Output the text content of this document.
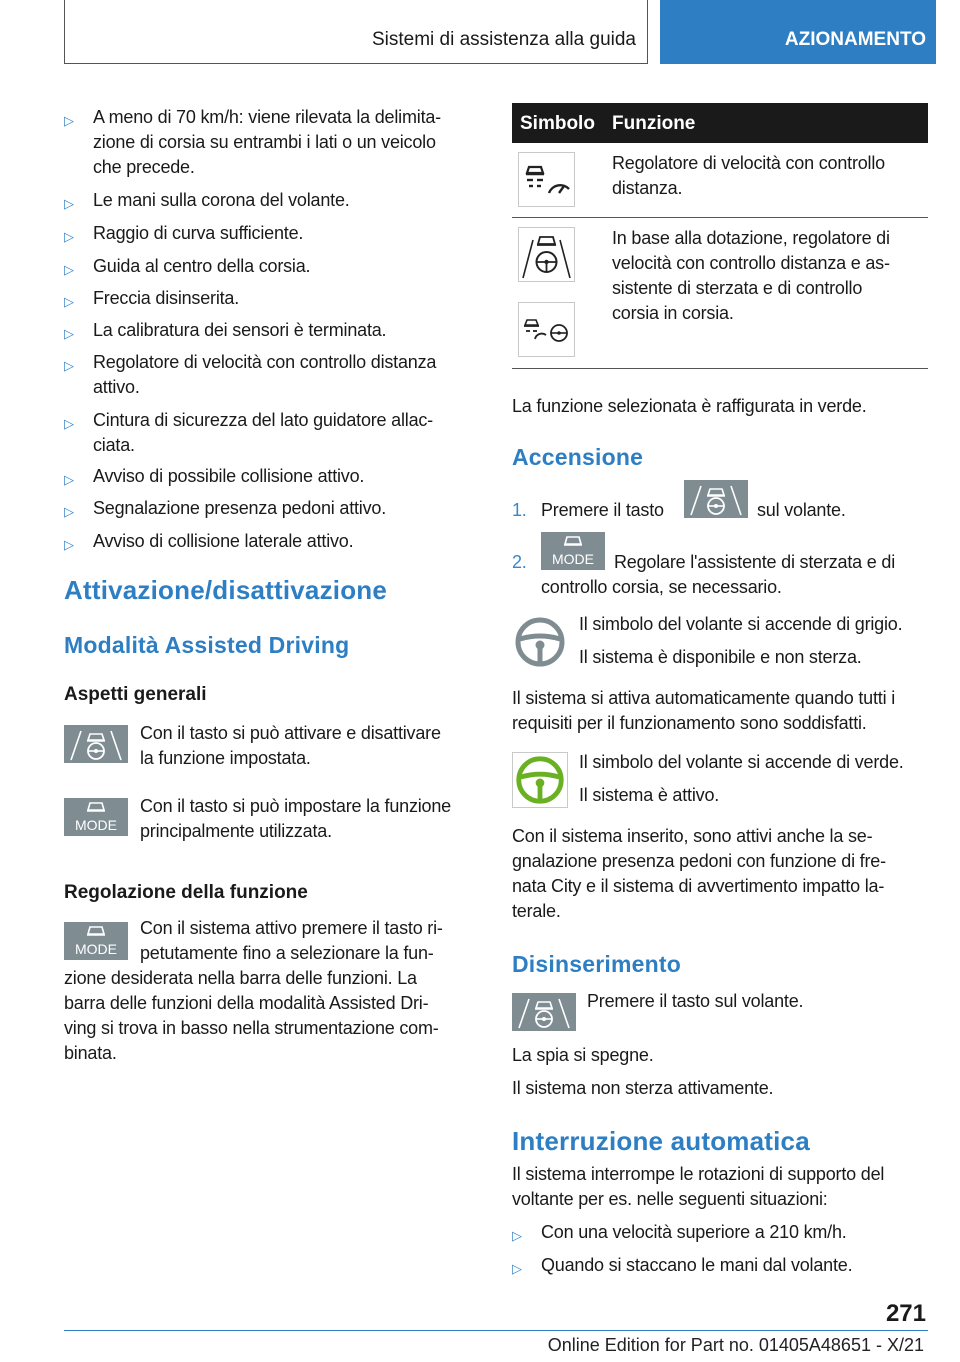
Sistemi di assistenza alla guida	AZIONAMENTO
▷ A meno di 70 km/h: viene rilevata la delimita-
zione di corsia su entrambi i lati o un veicolo
che precede.
▷ Le mani sulla corona del volante.
▷ Raggio di curva sufficiente.
▷ Guida al centro della corsia.
▷ Freccia disinserita.
▷ La calibratura dei sensori è terminata.
▷ Regolatore di velocità con controllo distanza
attivo.
▷ Cintura di sicurezza del lato guidatore allac-
ciata.
▷ Avviso di possibile collisione attivo.
▷ Segnalazione presenza pedoni attivo.
▷ Avviso di collisione laterale attivo.
Attivazione/disattivazione
Modalità Assisted Driving
Aspetti generali
Con il tasto si può attivare e disattivare
la funzione impostata.
MODE
Con il tasto si può impostare la funzione
principalmente utilizzata.
Regolazione della funzione
MODE
Con il sistema attivo premere il tasto ri-
petutamente fino a selezionare la fun-
zione desiderata nella barra delle funzioni. La
barra delle funzioni della modalità Assisted Dri-
ving si trova in basso nella strumentazione com-
binata.
Simbolo Funzione
Regolatore di velocità con controllo
distanza.
In base alla dotazione, regolatore di
velocità con controllo distanza e as-
sistente di sterzata e di controllo
corsia in corsia.
La funzione selezionata è raffigurata in verde.
Accensione
1. Premere il tasto	sul volante.
2. MODE Regolare l'assistente di sterzata e di
controllo corsia, se necessario.
Il simbolo del volante si accende di grigio.
Il sistema è disponibile e non sterza.
Il sistema si attiva automaticamente quando tutti i
requisiti per il funzionamento sono soddisfatti.
Il simbolo del volante si accende di verde.
Il sistema è attivo.
Con il sistema inserito, sono attivi anche la se-
gnalazione presenza pedoni con funzione di fre-
nata City e il sistema di avvertimento impatto la-
terale.
Disinserimento
Premere il tasto sul volante.
La spia si spegne.
Il sistema non sterza attivamente.
Interruzione automatica
Il sistema interrompe le rotazioni di supporto del
voltante per es. nelle seguenti situazioni:
▷ Con una velocità superiore a 210 km/h.
▷ Quando si staccano le mani dal volante.
271
Online Edition for Part no. 01405A48651 - X/21
